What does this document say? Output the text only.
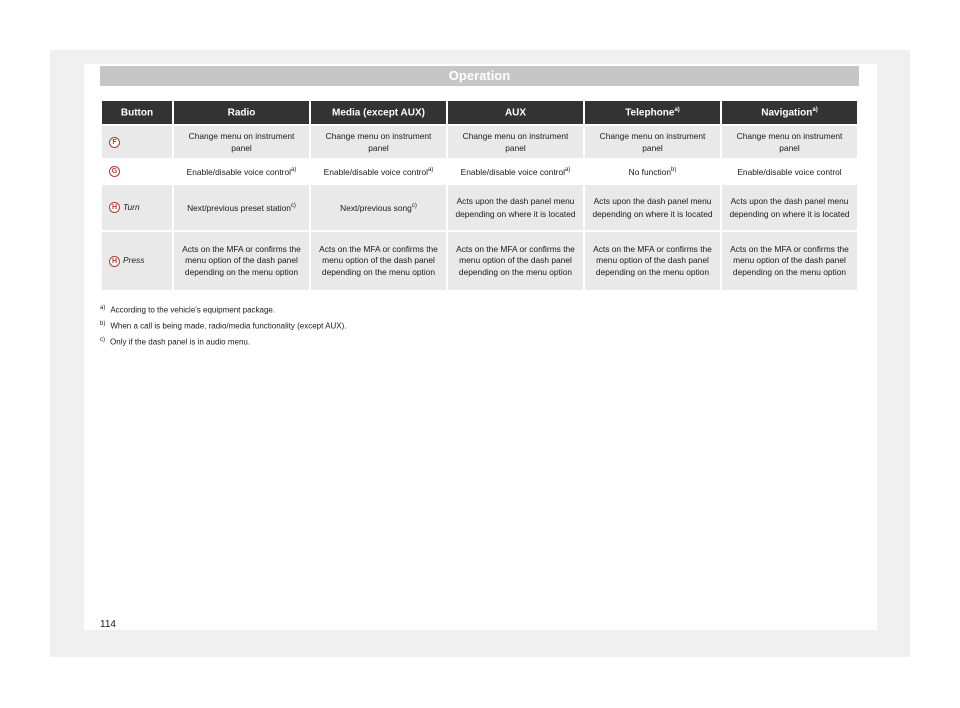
Operation
Button	Radio	Media (except AUX)	AUX	Telephone$^{a)}$	Navigation$^{a)}$
F	Change menu on instrument panel	Change menu on instrument panel	Change menu on instrument panel	Change menu on instrument panel	Change menu on instrument panel
G	Enable/disable voice control$^{a)}$	Enable/disable voice control$^{a)}$	Enable/disable voice control$^{a)}$	No function$^{b)}$	Enable/disable voice control
H Turn	Next/previous preset station$^{c)}$	Next/previous song$^{c)}$	Acts upon the dash panel menu depending on where it is located	Acts upon the dash panel menu depending on where it is located	Acts upon the dash panel menu depending on where it is located
H Press	Acts on the MFA or confirms the menu option of the dash panel depending on the menu option	Acts on the MFA or confirms the menu option of the dash panel depending on the menu option	Acts on the MFA or confirms the menu option of the dash panel depending on the menu option	Acts on the MFA or confirms the menu option of the dash panel depending on the menu option	Acts on the MFA or confirms the menu option of the dash panel depending on the menu option
$^{a)}$ According to the vehicle's equipment package.
$^{b)}$ When a call is being made, radio/media functionality (except AUX).
$^{c)}$ Only if the dash panel is in audio menu.
114
